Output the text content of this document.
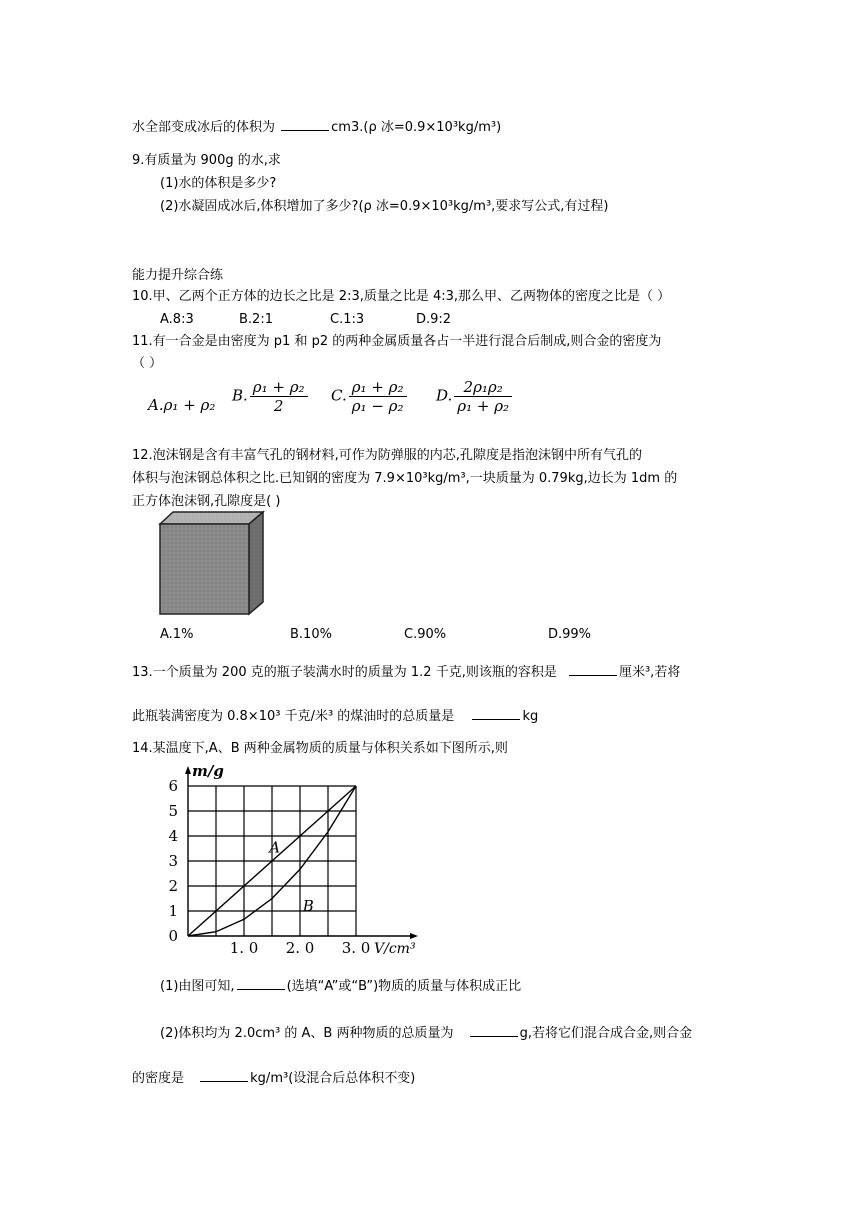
水全部变成冰后的体积为	cm3.(ρ 冰=0.9×10³kg/m³)
9.有质量为 900g 的水,求
(1)水的体积是多少?
(2)水凝固成冰后,体积增加了多少?(ρ 冰=0.9×10³kg/m³,要求写公式,有过程)
能力提升综合练
10.甲、乙两个正方体的边长之比是 2:3,质量之比是 4:3,那么甲、乙两物体的密度之比是（ ）
A.8:3	B.2:1	C.1:3	D.9:2
11.有一合金是由密度为 p1 和 p2 的两种金属质量各占一半进行混合后制成,则合金的密度为
（ ）
A.ρ₁ + ρ₂
B. $\frac{\text{ρ₁ + ρ₂}}{2} C$. $\frac{\text{ρ₁ + ρ₂}}{\text{ρ₁ − ρ₂}} D$. $\frac{\text{2ρ₁ρ₂}}{\text{ρ₁ + ρ₂}}$
12.泡沫钢是含有丰富气孔的钢材料,可作为防弹服的内芯,孔隙度是指泡沫钢中所有气孔的
体积与泡沫钢总体积之比.已知钢的密度为 7.9×10³kg/m³,一块质量为 0.79kg,边长为 1dm 的
正方体泡沫钢,孔隙度是( )
A.1%	B.10%	C.90%	D.99%
13.一个质量为 200 克的瓶子装满水时的质量为 1.2 千克,则该瓶的容积是	厘米³,若将
此瓶装满密度为 0.8×10³ 千克/米³ 的煤油时的总质量是	kg
14.某温度下,A、B 两种金属物质的质量与体积关系如下图所示,则
0
1
2
3
4
5
6
1. 0 2. 0 3. 0
m/g
V/cm³
A
B
(1)由图可知,	(选填“A”或“B”)物质的质量与体积成正比
(2)体积均为 2.0cm³ 的 A、B 两种物质的总质量为	g,若将它们混合成合金,则合金
的密度是	kg/m³(设混合后总体积不变)
